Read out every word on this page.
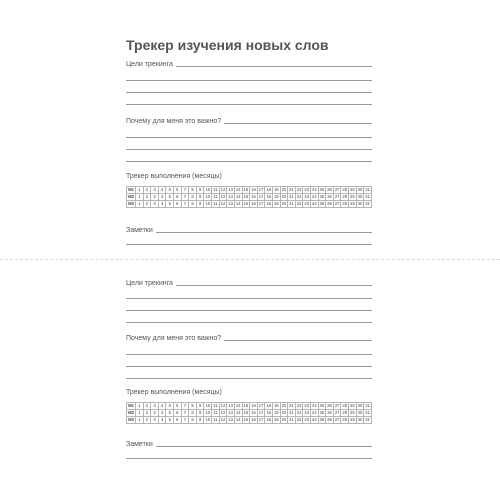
Трекер изучения новых слов
Цели трекинга
Почему для меня это важно?
Трекер выполнения (месяцы)
М1	1	2	3	4	5	6	7	8	9	10	11	12	13	14	15	16	17	18	19	20	21	22	23	24	25	26	27	28	29	30	31
М2	1	2	3	4	5	6	7	8	9	10	11	12	13	14	15	16	17	18	19	20	21	22	23	24	25	26	27	28	29	30	31
М3	1	2	3	4	5	6	7	8	9	10	11	12	13	14	15	16	17	18	19	20	21	22	23	24	25	26	27	28	29	30	31
Заметки
Цели трекинга
Почему для меня это важно?
Трекер выполнения (месяцы)
М1	1	2	3	4	5	6	7	8	9	10	11	12	13	14	15	16	17	18	19	20	21	22	23	24	25	26	27	28	29	30	31
М2	1	2	3	4	5	6	7	8	9	10	11	12	13	14	15	16	17	18	19	20	21	22	23	24	25	26	27	28	29	30	31
М3	1	2	3	4	5	6	7	8	9	10	11	12	13	14	15	16	17	18	19	20	21	22	23	24	25	26	27	28	29	30	31
Заметки
